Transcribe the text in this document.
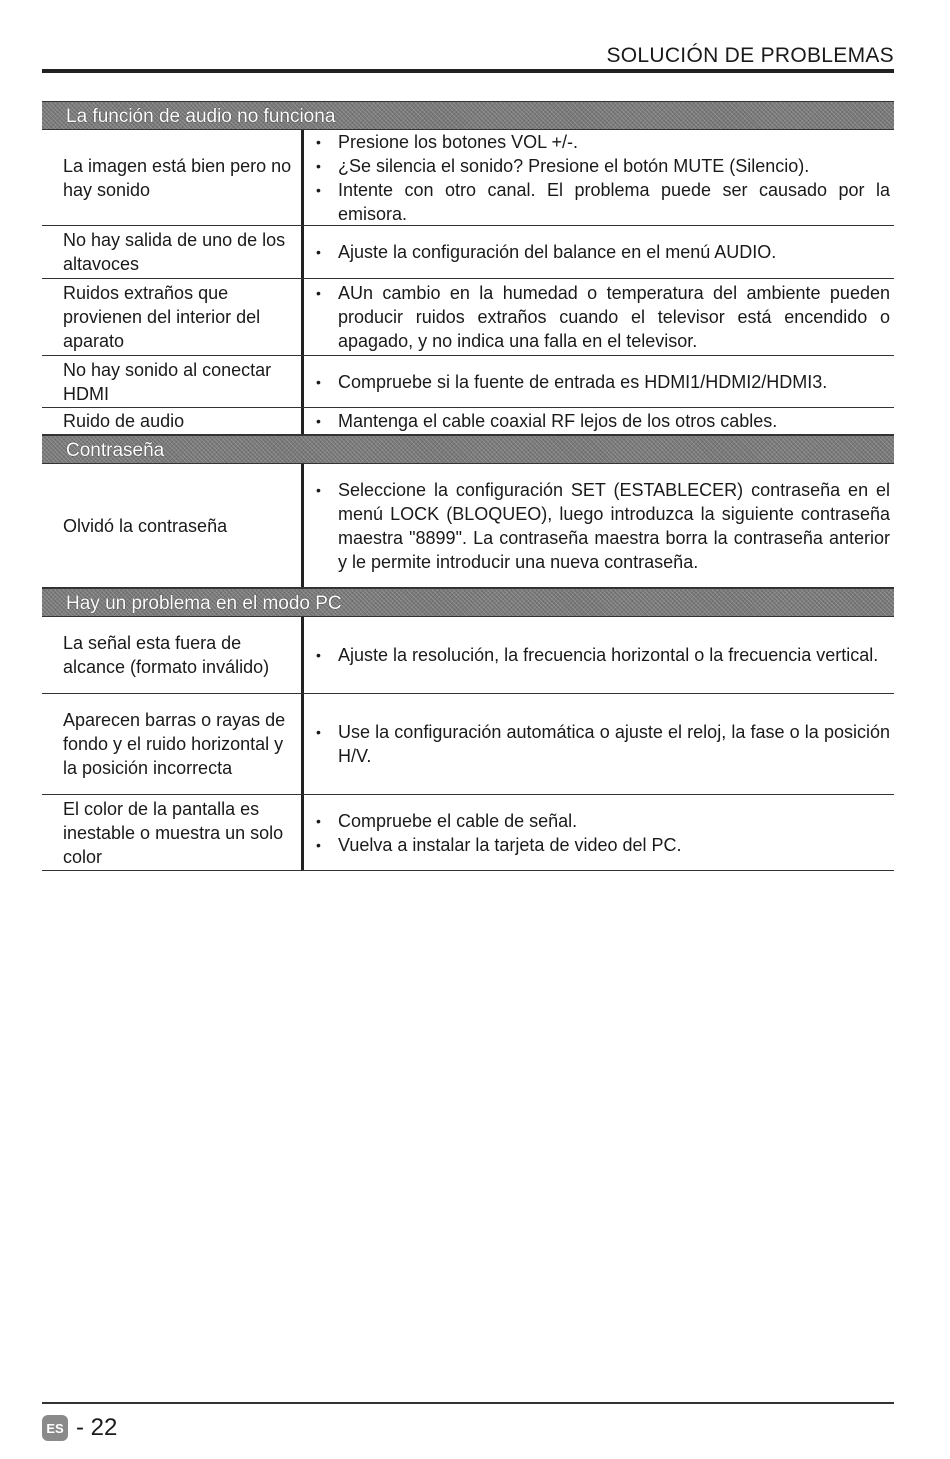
SOLUCIÓN DE PROBLEMAS
La función de audio no funciona
La imagen está bien pero no hay sonido
• Presione los botones VOL +/-.
• ¿Se silencia el sonido? Presione el botón MUTE (Silencio).
• Intente con otro canal. El problema puede ser causado por la emisora.
No hay salida de uno de los altavoces
• Ajuste la configuración del balance en el menú AUDIO.
Ruidos extraños que provienen del interior del aparato
• AUn cambio en la humedad o temperatura del ambiente pueden producir ruidos extraños cuando el televisor está encendido o apagado, y no indica una falla en el televisor.
No hay sonido al conectar HDMI
• Compruebe si la fuente de entrada es HDMI1/HDMI2/HDMI3.
Ruido de audio	• Mantenga el cable coaxial RF lejos de los otros cables.
Contraseña
Olvidó la contraseña
• Seleccione la configuración SET (ESTABLECER) contraseña en el menú LOCK (BLOQUEO), luego introduzca la siguiente contraseña maestra "8899". La contraseña maestra borra la contraseña anterior y le permite introducir una nueva contraseña.
Hay un problema en el modo PC
La señal esta fuera de alcance (formato inválido)
• Ajuste la resolución, la frecuencia horizontal o la frecuencia vertical.
Aparecen barras o rayas de fondo y el ruido horizontal y la posición incorrecta
• Use la configuración automática o ajuste el reloj, la fase o la posición H/V.
El color de la pantalla es inestable o muestra un solo color
• Compruebe el cable de señal.
• Vuelva a instalar la tarjeta de video del PC.
ES - 22
